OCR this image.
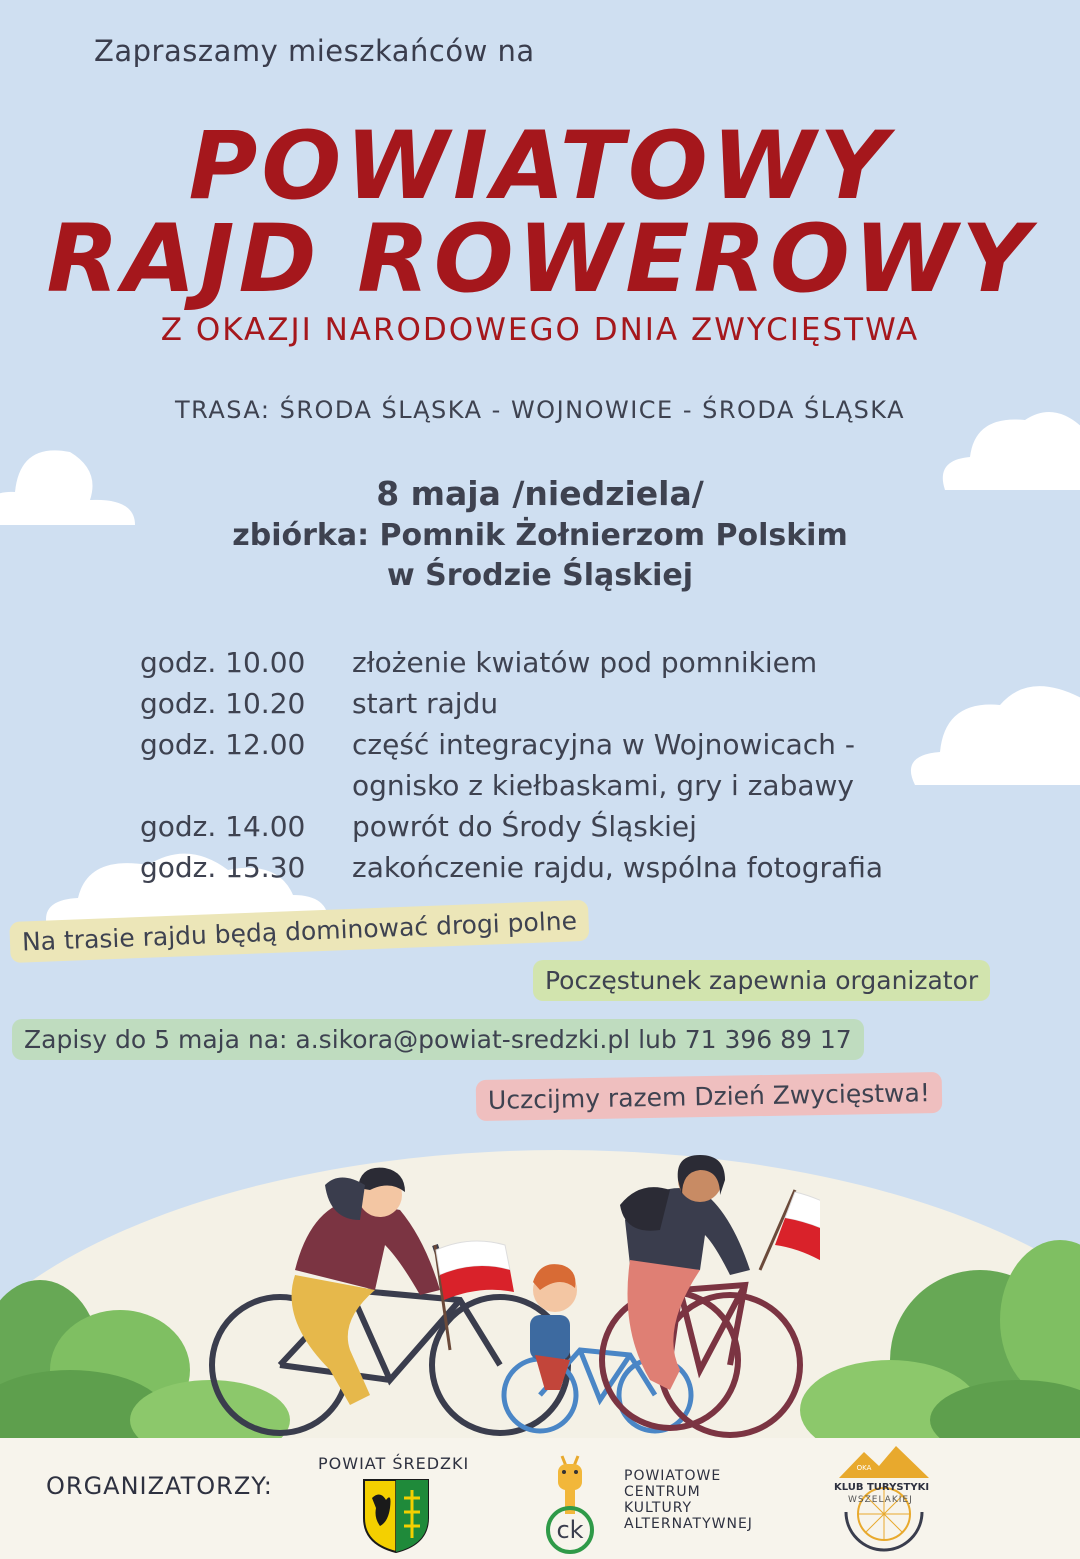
Zapraszamy mieszkańców na
POWIATOWY
RAJD ROWEROWY
Z OKAZJI NARODOWEGO DNIA ZWYCIĘSTWA
TRASA: ŚRODA ŚLĄSKA - WOJNOWICE - ŚRODA ŚLĄSKA
8 maja /niedziela/
zbiórka: Pomnik Żołnierzom Polskim
w Środzie Śląskiej
godz. 10.00 złożenie kwiatów pod pomnikiem
godz. 10.20 start rajdu
godz. 12.00 część integracyjna w Wojnowicach -
ognisko z kiełbaskami, gry i zabawy
godz. 14.00 powrót do Środy Śląskiej
godz. 15.30 zakończenie rajdu, wspólna fotografia
Na trasie rajdu będą dominować drogi polne
Poczęstunek zapewnia organizator
Zapisy do 5 maja na: a.sikora@powiat-sredzki.pl lub 71 396 89 17
Uczcijmy razem Dzień Zwycięstwa!
ORGANIZATORZY:
POWIAT ŚREDZKI
ck
POWIATOWE
CENTRUM
KULTURY
ALTERNATYWNEJ
OKA
KLUB TURYSTYKI
WSZELAKIEJ
